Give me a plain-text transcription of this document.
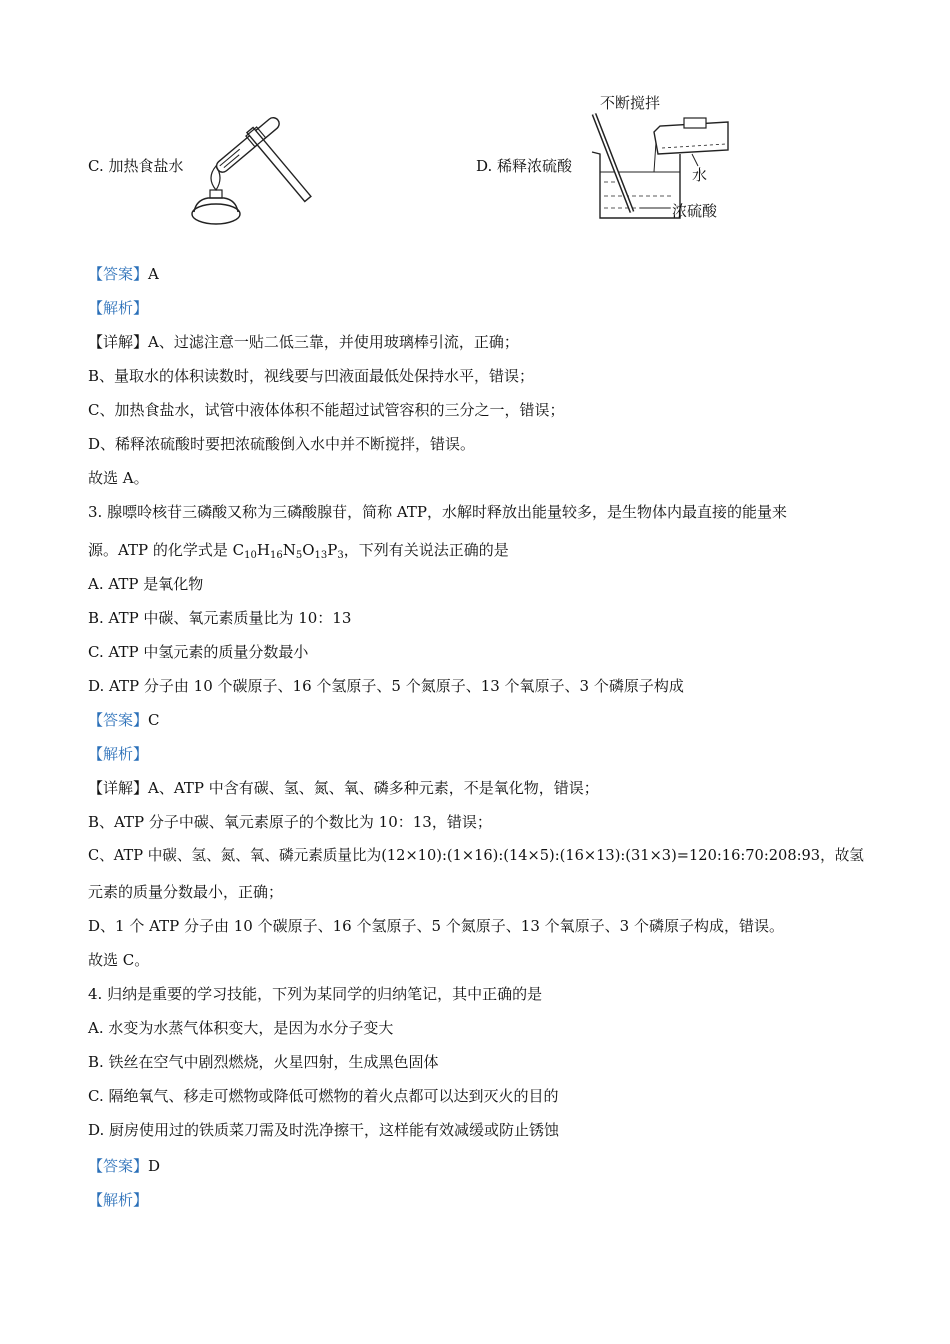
C. 加热食盐水	D. 稀释浓硫酸
不断搅拌
水
浓硫酸
【答案】A
【解析】
【详解】A、过滤注意一贴二低三靠，并使用玻璃棒引流，正确；
B、量取水的体积读数时，视线要与凹液面最低处保持水平，错误；
C、加热食盐水，试管中液体体积不能超过试管容积的三分之一，错误；
D、稀释浓硫酸时要把浓硫酸倒入水中并不断搅拌，错误。
故选 A。
3. 腺嘌呤核苷三磷酸又称为三磷酸腺苷，简称 ATP，水解时释放出能量较多，是生物体内最直接的能量来
源。ATP 的化学式是 $C_{10}H_{16}N_5O_{13}P_3$，下列有关说法正确的是
A. ATP 是氧化物
B. ATP 中碳、氧元素质量比为 10：13
C. ATP 中氢元素的质量分数最小
D. ATP 分子由 10 个碳原子、16 个氢原子、5 个氮原子、13 个氧原子、3 个磷原子构成
【答案】C
【解析】
【详解】A、ATP 中含有碳、氢、氮、氧、磷多种元素，不是氧化物，错误；
B、ATP 分子中碳、氧元素原子的个数比为 10：13，错误；
C、ATP 中碳、氢、氮、氧、磷元素质量比为(12×10):(1×16):(14×5):(16×13):(31×3)=120:16:70:208:93，故氢
元素的质量分数最小，正确；
D、1 个 ATP 分子由 10 个碳原子、16 个氢原子、5 个氮原子、13 个氧原子、3 个磷原子构成，错误。
故选 C。
4. 归纳是重要的学习技能，下列为某同学的归纳笔记，其中正确的是
A. 水变为水蒸气体积变大，是因为水分子变大
B. 铁丝在空气中剧烈燃烧，火星四射，生成黑色固体
C. 隔绝氧气、移走可燃物或降低可燃物的着火点都可以达到灭火的目的
D. 厨房使用过的铁质菜刀需及时洗净擦干，这样能有效减缓或防止锈蚀
【答案】D
【解析】
